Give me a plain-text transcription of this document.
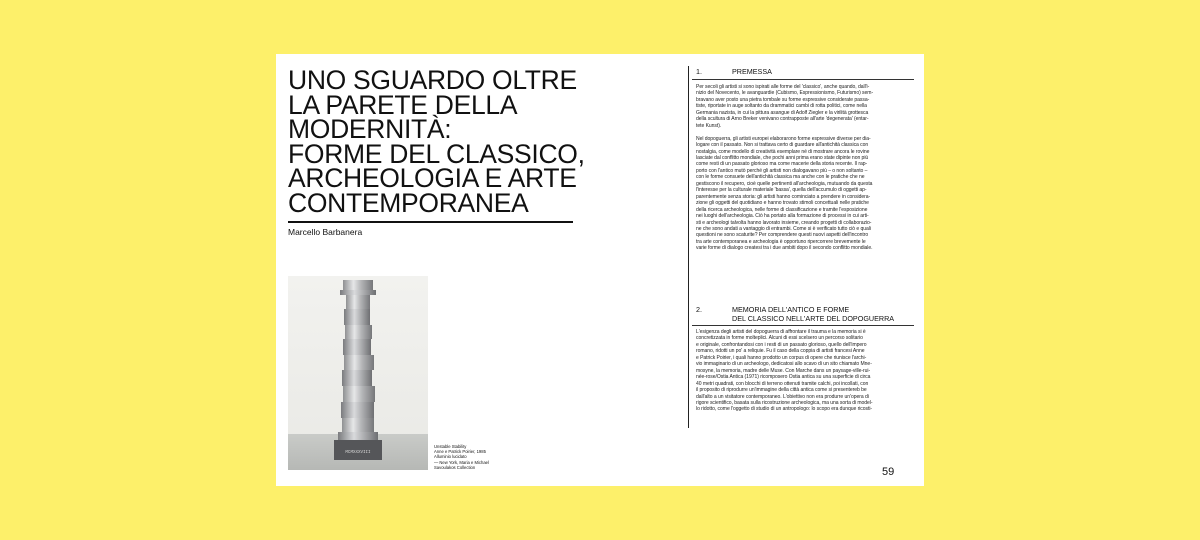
UNO SGUARDO OLTRE
LA PARETE DELLA
MODERNITÀ:
FORME DEL CLASSICO,
ARCHEOLOGIA E ARTE
CONTEMPORANEA
Marcello Barbanera
MCMXXXVIII
Unstable Stability
Anne e Patrick Poirier, 1985
Alluminio lucidato
— New York, Maria e Michael
Savoulakos Collection
1.	PREMESSA
Per secoli gli artisti si sono ispirati alle forme del 'classico', anche quando, dall'i-
nizio del Novecento, le avanguardie (Cubismo, Espressionismo, Futurismo) sem-
bravano aver posto una pietra tombale su forme espressive considerate passa-
tiste, riportate in auge soltanto da drammatici cambi di rotta politici, come nella
Germania nazista, in cui la pittura asangue di Adolf Ziegler e la virilità grottesca
della scultura di Arno Breker venivano contrapposte all'arte 'degenerata' (entar-
tete Kunst).
Nel dopoguerra, gli artisti europei elaborarono forme espressive diverse per dia-
logare con il passato. Non si trattava certo di guardare all'antichità classica con
nostalgia, come modello di creatività esemplare né di mostrare ancora le rovine
lasciate dal conflitto mondiale, che pochi anni prima erano state dipinte non più
come resti di un passato glorioso ma come macerie della storia recente. Il rap-
porto con l'antico mutò perché gli artisti non dialogavano più – o non soltanto –
con le forme consuete dell'antichità classica ma anche con le pratiche che ne
gestiscono il recupero, cioè quelle pertinenti all'archeologia, mutuando da questa
l'interesse per la culturale materiale 'bassa', quella dell'accumulo di oggetti ap-
parentemente senza storia: gli artisti hanno cominciato a prendere in considera-
zione gli oggetti del quotidiano e hanno trovato stimoli concettuali nelle pratiche
della ricerca archeologica, nelle forme di classificazione e tramite l'esposizione
nei luoghi dell'archeologia. Ciò ha portato alla formazione di processi in cui arti-
sti e archeologi talvolta hanno lavorato insieme, creando progetti di collaborazio-
ne che sono andati a vantaggio di entrambi. Come si è verificato tutto ciò e quali
questioni ne sono scaturite? Per comprendere questi nuovi aspetti dell'incontro
tra arte contemporanea e archeologia è opportuno ripercorrere brevemente le
varie forme di dialogo createsi tra i due ambiti dopo il secondo conflitto mondiale.
2.	MEMORIA DELL'ANTICO E FORME
DEL CLASSICO NELL'ARTE DEL DOPOGUERRA
L'esigenza degli artisti del dopoguerra di affrontare il trauma e la memoria si è
concretizzata in forme molteplici. Alcuni di essi scelsero un percorso solitario
e originale, confrontandosi con i resti di un passato glorioso, quello dell'impero
romano, ridotti un po' a reliquie. Fu il caso della coppia di artisti francesi Anne
e Patrick Poirier, i quali hanno prodotto un corpus di opere che riunisce l'archi-
vio immaginario di un archeologo, dedicatosi allo scavo di un sito chiamato Mne-
mosyne, la memoria, madre delle Muse. Con Marche dans un paysage-ville-rui-
née-rose/Ostia Antica (1971) ricomposero Ostia antica su una superficie di circa
40 metri quadrati, con blocchi di terreno ottenuti tramite calchi, poi incollati, con
il proposito di riprodurre un'immagine della città antica come si presentereb be
dall'alto a un visitatore contemporaneo. L'obiettivo non era produrre un'opera di
rigore scientifico, basata sulla ricostruzione archeologica, ma una sorta di model-
lo ridotto, come l'oggetto di studio di un antropologo: lo scopo era dunque ricosti-
59
